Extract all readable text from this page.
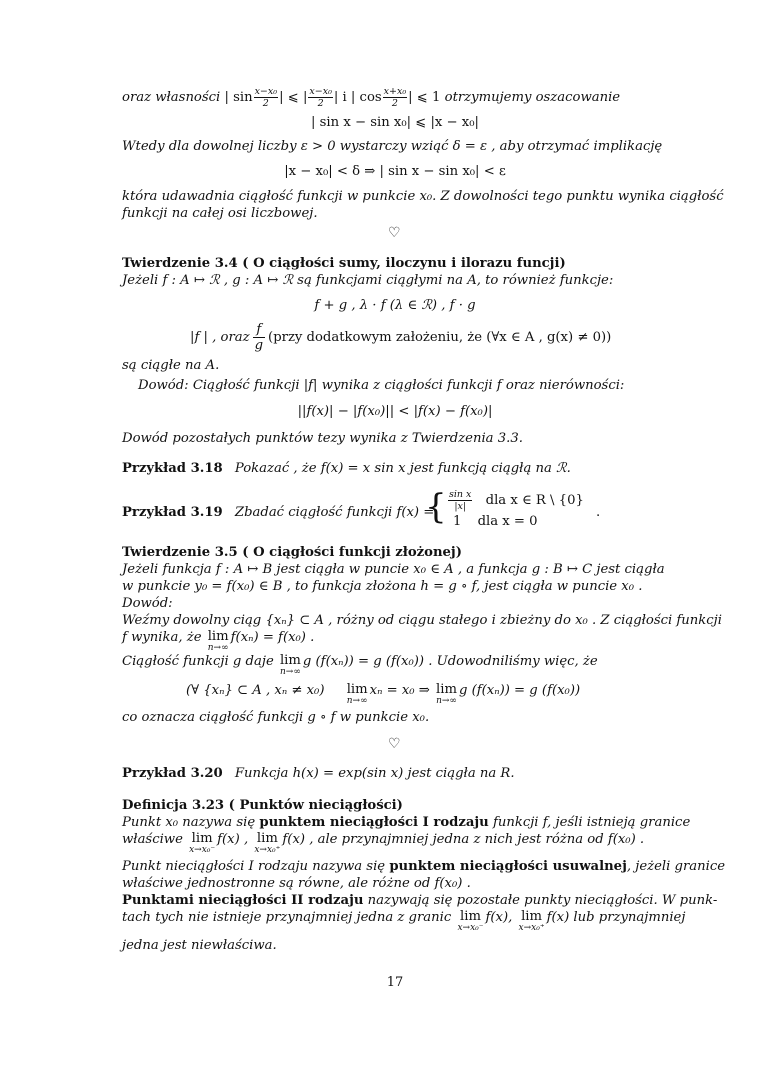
oraz własności | $\sin \frac{\text{x−x₀}}{2}$ | ⩽ | $\frac{\text{x−x₀}}{2}$ | i | $\cos \frac{\text{x+x₀}}{2}$ | ⩽ 1 otrzymujemy oszacowanie
| sin x − sin x₀| ⩽ |x − x₀|
Wtedy dla dowolnej liczby ε > 0 wystarczy wziąć δ = ε , aby otrzymać implikację
|x − x₀| < δ ⇒ | sin x − sin x₀| < ε
która udawadnia ciągłość funkcji w punkcie x₀. Z dowolności tego punktu wynika ciągłość
funkcji na całej osi liczbowej.
♡
Twierdzenie 3.4 ( O ciągłości sumy, iloczynu i ilorazu funcji)
Jeżeli f : A ↦ ℛ , g : A ↦ ℛ są funkcjami ciągłymi na A, to również funkcje:
f + g , λ · f (λ ∈ ℛ) , f · g
|f | , oraz $\frac{f}{g}$ (przy dodatkowym założeniu, że (∀x ∈ A , g(x) ≠ 0))
są ciągłe na A.
Dowód: Ciągłość funkcji |f| wynika z ciągłości funkcji f oraz nierówności:
||f(x)| − |f(x₀)|| < |f(x) − f(x₀)|
Dowód pozostałych punktów tezy wynika z Twierdzenia 3.3.
Przykład 3.18 Pokazać , że f(x) = x sin x jest funkcją ciągłą na ℛ.
Przykład 3.19 Zbadać ciągłość funkcji f(x) =
{ $\frac{\text{sin x}}{|x|}$ dla x ∈ R \ {0}
1 dla x = 0
.
Twierdzenie 3.5 ( O ciągłości funkcji złożonej)
Jeżeli funkcja f : A ↦ B jest ciągła w puncie x₀ ∈ A , a funkcja g : B ↦ C jest ciągła
w punkcie y₀ = f(x₀) ∈ B , to funkcja złożona h = g ∘ f, jest ciągła w puncie x₀ .
Dowód:
Weźmy dowolny ciąg {xₙ} ⊂ A , różny od ciągu stałego i zbieżny do x₀ . Z ciągłości funkcji
f wynika, że lim
n→∞
f(xₙ) = f(x₀) .
Ciągłość funkcji g daje lim
n→∞
g (f(xₙ)) = g (f(x₀)) . Udowodniliśmy więc, że
(∀ {xₙ} ⊂ A , xₙ ≠ x₀) lim
n→∞
xₙ = x₀ ⇒ lim
n→∞
g (f(xₙ)) = g (f(x₀))
co oznacza ciągłość funkcji g ∘ f w punkcie x₀.
♡
Przykład 3.20 Funkcja h(x) = exp(sin x) jest ciągła na R.
Definicja 3.23 ( Punktów nieciągłości)
Punkt x₀ nazywa się punktem nieciągłości I rodzaju funkcji f, jeśli istnieją granice
właściwe lim
x→x₀⁻
f(x) , lim
x→x₀⁺
f(x) , ale przynajmniej jedna z nich jest różna od f(x₀) .
Punkt nieciągłości I rodzaju nazywa się punktem nieciągłości usuwalnej, jeżeli granice
właściwe jednostronne są równe, ale różne od f(x₀) .
Punktami nieciągłości II rodzaju nazywają się pozostałe punkty nieciągłości. W punk-
tach tych nie istnieje przynajmniej jedna z granic lim
x→x₀⁻
f(x), lim
x→x₀⁺
f(x) lub przynajmniej
jedna jest niewłaściwa.
17
